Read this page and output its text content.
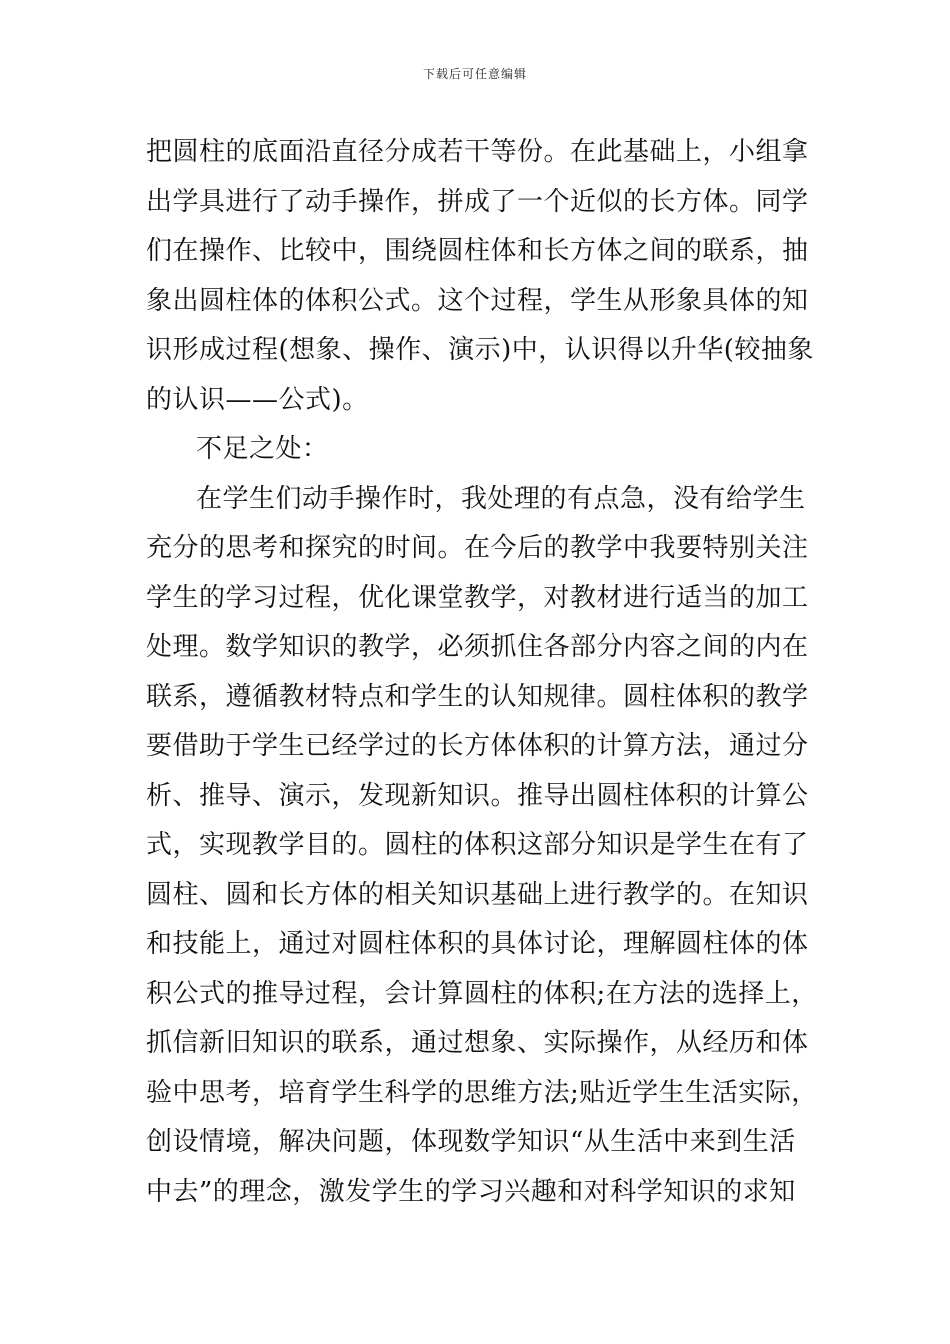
下载后可任意编辑
把圆柱的底面沿直径分成若干等份。在此基础上，小组拿
出学具进行了动手操作，拼成了一个近似的长方体。同学
们在操作、比较中，围绕圆柱体和长方体之间的联系，抽
象出圆柱体的体积公式。这个过程，学生从形象具体的知
识形成过程(想象、操作、演示)中，认识得以升华(较抽象
的认识——公式)。
不足之处：
在学生们动手操作时，我处理的有点急，没有给学生
充分的思考和探究的时间。在今后的教学中我要特别关注
学生的学习过程，优化课堂教学，对教材进行适当的加工
处理。数学知识的教学，必须抓住各部分内容之间的内在
联系，遵循教材特点和学生的认知规律。圆柱体积的教学
要借助于学生已经学过的长方体体积的计算方法，通过分
析、推导、演示，发现新知识。推导出圆柱体积的计算公
式，实现教学目的。圆柱的体积这部分知识是学生在有了
圆柱、圆和长方体的相关知识基础上进行教学的。在知识
和技能上，通过对圆柱体积的具体讨论，理解圆柱体的体
积公式的推导过程，会计算圆柱的体积;在方法的选择上，
抓信新旧知识的联系，通过想象、实际操作，从经历和体
验中思考，培育学生科学的思维方法;贴近学生生活实际，
创设情境，解决问题，体现数学知识“从生活中来到生活
中去”的理念，激发学生的学习兴趣和对科学知识的求知
